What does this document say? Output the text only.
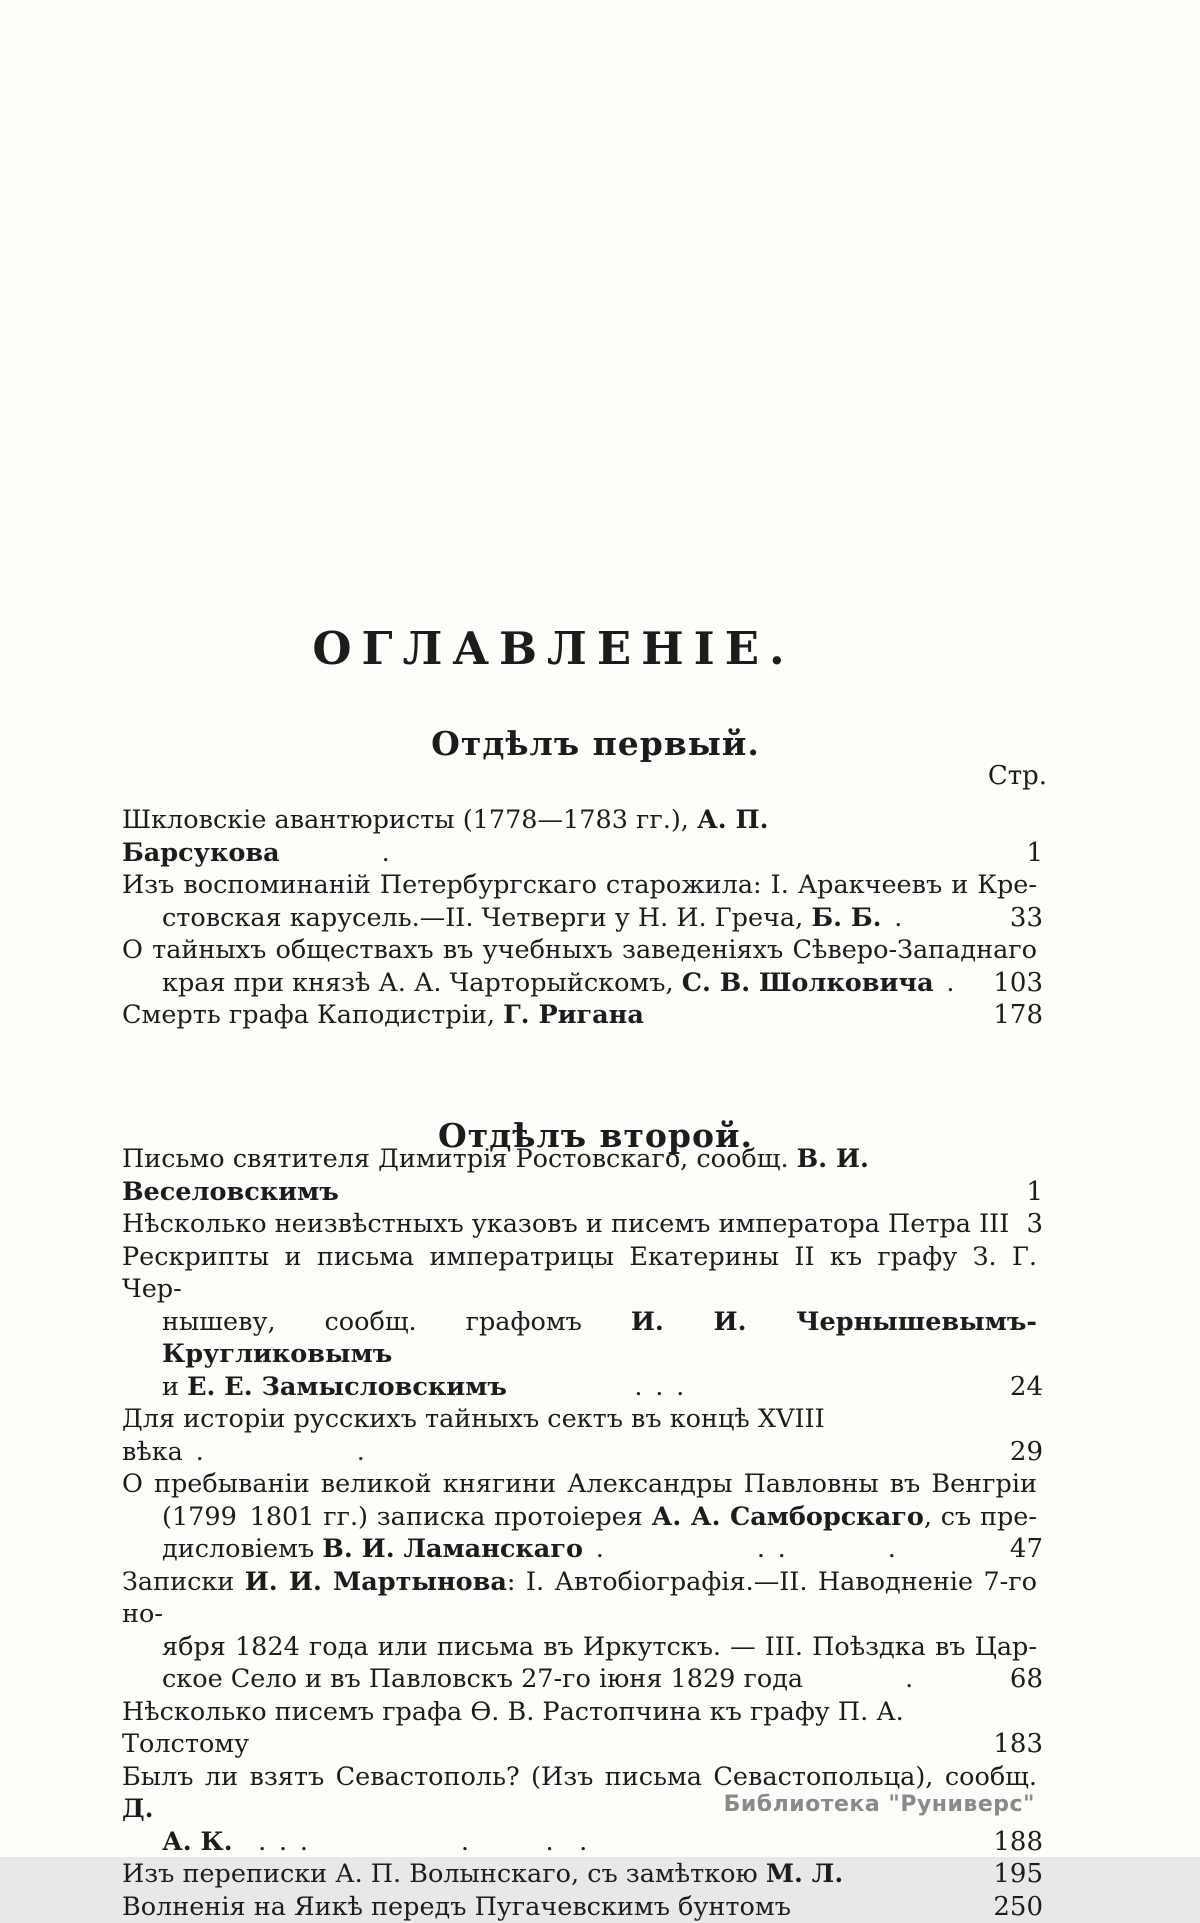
ОГЛАВЛЕНІЕ.
Отдѣлъ первый.
Стр.
Шкловскіе авантюристы (1778—1783 гг.), А. П. Барсукова    .	1
Изъ воспоминаній Петербургскаго старожила: I. Аракчеевъ и Кре-
стовская карусель.—II. Четверги у Н. И. Греча, Б. Б. .	33
О тайныхъ обществахъ въ учебныхъ заведеніяхъ Сѣверо-Западнаго
края при князѣ А. А. Чарторыйскомъ, С. В. Шолковича .	103
Смерть графа Каподистріи, Г. Ригана	178
Отдѣлъ второй.
Письмо святителя Димитрія Ростовскаго, сообщ. В. И. Веселовскимъ	1
Нѣсколько неизвѣстныхъ указовъ и писемъ императора Петра III 3
Рескрипты и письма императрицы Екатерины II къ графу З. Г. Чер-
нышеву, сообщ. графомъ И. И. Чернышевымъ-Кругликовымъ
и Е. Е. Замысловскимъ     . . .	24
Для исторіи русскихъ тайныхъ сектъ въ концѣ XVIII вѣка .      .	29
О пребываніи великой княгини Александры Павловны въ Венгріи
(1799 1801 гг.) записка протоіерея А. А. Самборскаго, съ пре-
дисловіемъ В. И. Ламанскаго .      . .    .	47
Записки И. И. Мартынова: I. Автобіографія.—II. Наводненіе 7-го но-
ября 1824 года или письма въ Иркутскъ. — III. Поѣздка въ Цар-
ское Село и въ Павловскъ 27-го іюня 1829 года    .	68
Нѣсколько писемъ графа Ѳ. В. Растопчина къ графу П. А. Толстому	183
Былъ ли взятъ Севастополь? (Изъ письма Севастопольца), сообщ. Д.
А. К. . . .      .   .  .	188
Изъ переписки А. П. Волынскаго, съ замѣткою М. Л.	195
Волненія на Яикѣ передъ Пугачевскимъ бунтомъ	250
Библиотека "Руниверс"
